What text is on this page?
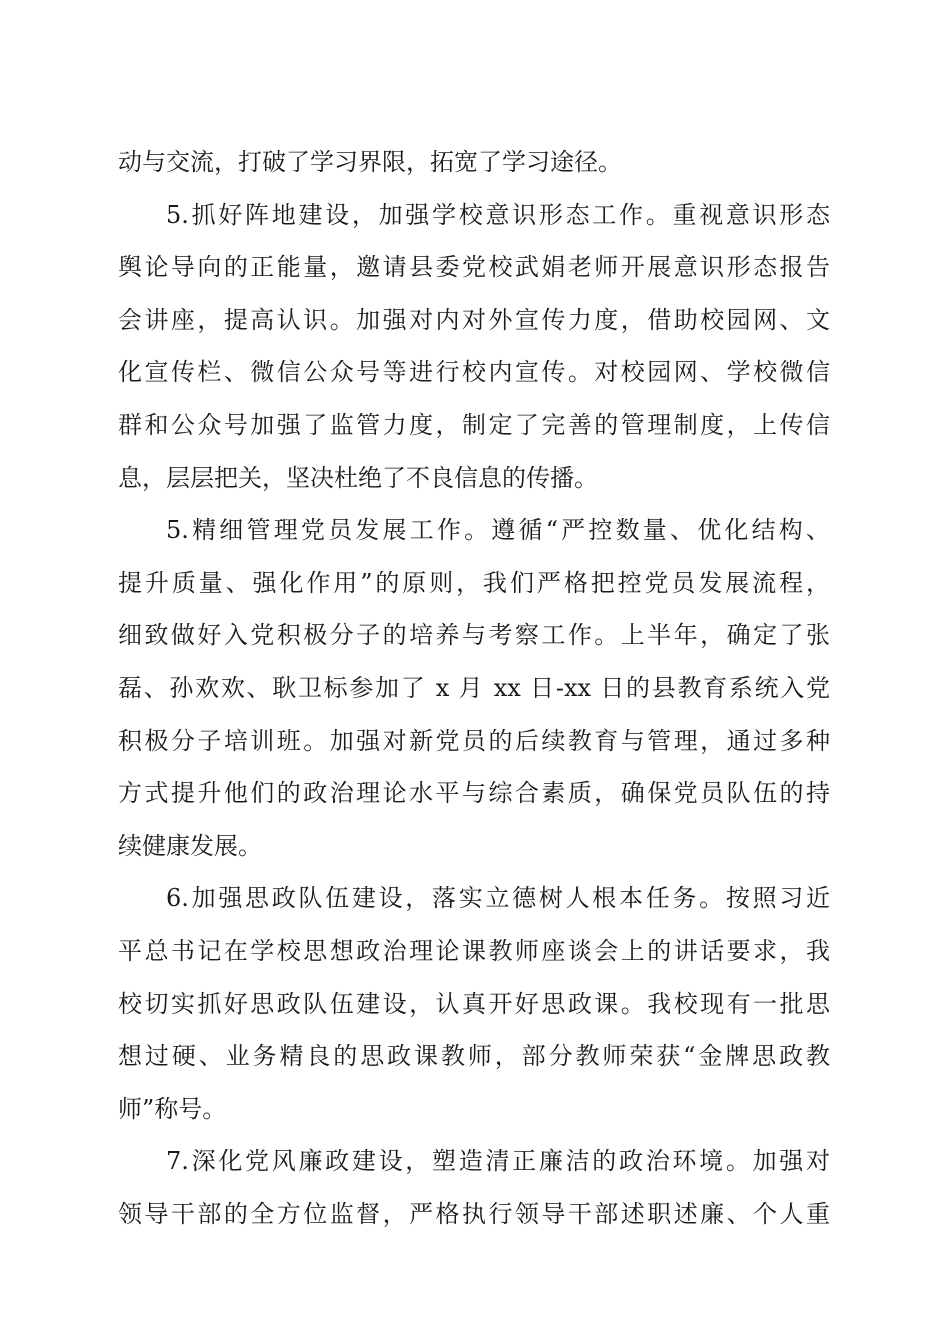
动与交流，打破了学习界限，拓宽了学习途径。
5.抓好阵地建设，加强学校意识形态工作。重视意识形态
舆论导向的正能量，邀请县委党校武娟老师开展意识形态报告
会讲座，提高认识。加强对内对外宣传力度，借助校园网、文
化宣传栏、微信公众号等进行校内宣传。对校园网、学校微信
群和公众号加强了监管力度，制定了完善的管理制度，上传信
息，层层把关，坚决杜绝了不良信息的传播。
5.精细管理党员发展工作。遵循“严控数量、优化结构、
提升质量、强化作用”的原则，我们严格把控党员发展流程，
细致做好入党积极分子的培养与考察工作。上半年，确定了张
磊、孙欢欢、耿卫标参加了 x 月 xx 日-xx 日的县教育系统入党
积极分子培训班。加强对新党员的后续教育与管理，通过多种
方式提升他们的政治理论水平与综合素质，确保党员队伍的持
续健康发展。
6.加强思政队伍建设，落实立德树人根本任务。按照习近
平总书记在学校思想政治理论课教师座谈会上的讲话要求，我
校切实抓好思政队伍建设，认真开好思政课。我校现有一批思
想过硬、业务精良的思政课教师，部分教师荣获“金牌思政教
师”称号。
7.深化党风廉政建设，塑造清正廉洁的政治环境。加强对
领导干部的全方位监督，严格执行领导干部述职述廉、个人重
